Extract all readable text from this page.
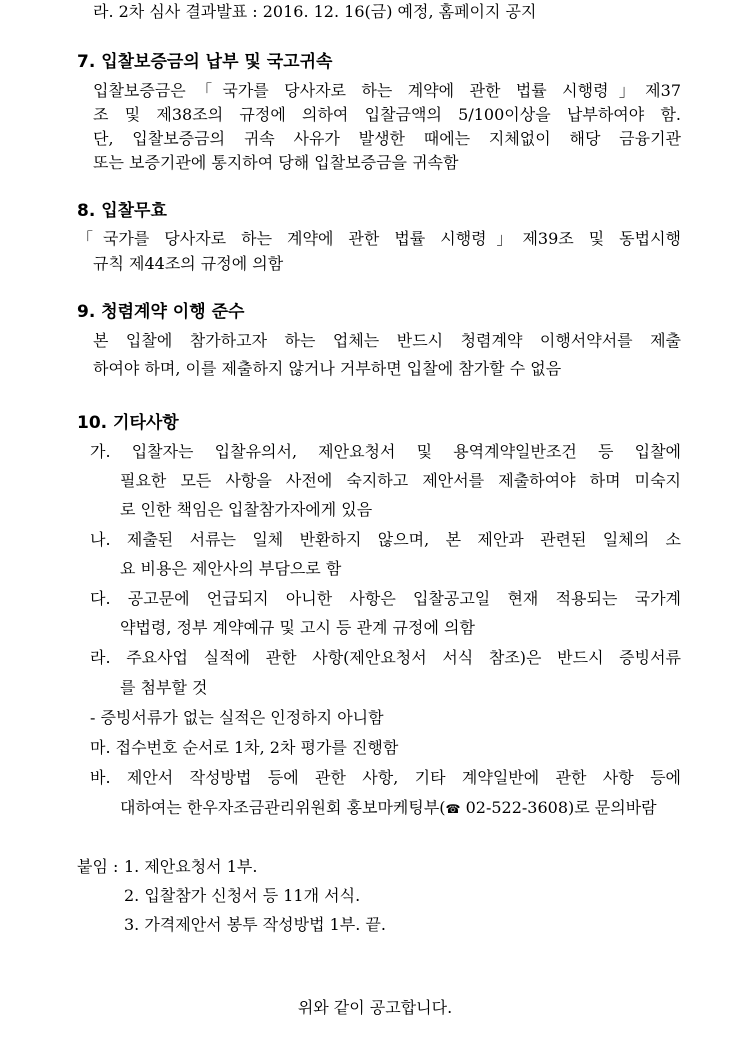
라. 2차 심사 결과발표 : 2016. 12. 16(금) 예정, 홈페이지 공지
7. 입찰보증금의 납부 및 국고귀속
입찰보증금은「국가를 당사자로 하는 계약에 관한 법률 시행령」제37
조 및 제38조의 규정에 의하여 입찰금액의 5/100이상을 납부하여야 함.
단, 입찰보증금의 귀속 사유가 발생한 때에는 지체없이 해당 금융기관
또는 보증기관에 통지하여 당해 입찰보증금을 귀속함
8. 입찰무효
「국가를 당사자로 하는 계약에 관한 법률 시행령」제39조 및 동법시행
규칙 제44조의 규정에 의함
9. 청렴계약 이행 준수
본 입찰에 참가하고자 하는 업체는 반드시 청렴계약 이행서약서를 제출
하여야 하며, 이를 제출하지 않거나 거부하면 입찰에 참가할 수 없음
10. 기타사항
가. 입찰자는 입찰유의서, 제안요청서 및 용역계약일반조건 등 입찰에
필요한 모든 사항을 사전에 숙지하고 제안서를 제출하여야 하며 미숙지
로 인한 책임은 입찰참가자에게 있음
나. 제출된 서류는 일체 반환하지 않으며, 본 제안과 관련된 일체의 소
요 비용은 제안사의 부담으로 함
다. 공고문에 언급되지 아니한 사항은 입찰공고일 현재 적용되는 국가계
약법령, 정부 계약예규 및 고시 등 관계 규정에 의함
라. 주요사업 실적에 관한 사항(제안요청서 서식 참조)은 반드시 증빙서류
를 첨부할 것
- 증빙서류가 없는 실적은 인정하지 아니함
마. 접수번호 순서로 1차, 2차 평가를 진행함
바. 제안서 작성방법 등에 관한 사항, 기타 계약일반에 관한 사항 등에
대하여는 한우자조금관리위원회 홍보마케팅부(☎ 02-522-3608)로 문의바람
붙임 : 1. 제안요청서 1부.
2. 입찰참가 신청서 등 11개 서식.
3. 가격제안서 봉투 작성방법 1부. 끝.
위와 같이 공고합니다.
